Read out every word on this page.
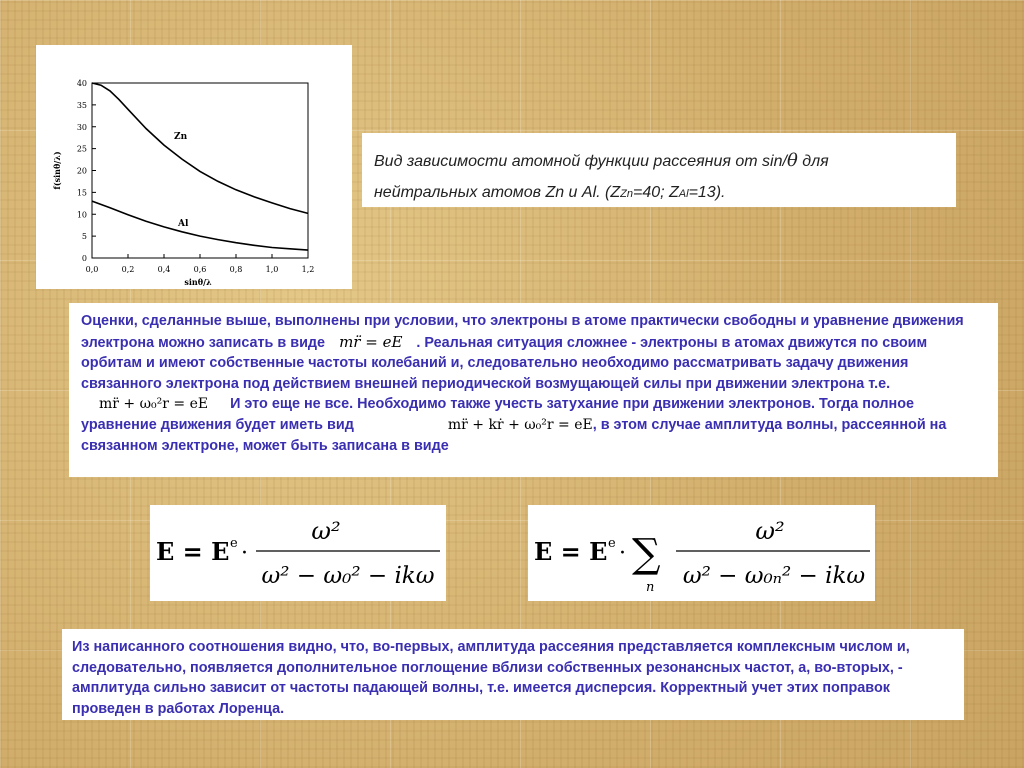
0,0	0,2	0,4	0,6	0,8	1,0	1,2
0
5
10
15
20
25
30
35
40
sinθ/λ
f(sinθ/λ)
Zn
Al
Вид зависимости атомной функции рассеяния от sin/θ для
нейтральных атомов Zn и Al. (ZZn=40; ZAl=13).
Оценки, сделанные выше, выполнены при условии, что электроны в атоме практически свободны и уравнение движения электрона можно записать в виде mr̈ = eE . Реальная ситуация сложнее - электроны в атомах движутся по своим орбитам и имеют собственные частоты колебаний и, следовательно необходимо рассматривать задачу движения связанного электрона под действием внешней периодической возмущающей силы при движении электрона т.е. mr̈ + ω₀²r = eE И это еще не все. Необходимо также учесть затухание при движении электронов. Тогда полное уравнение движения будет иметь вид	mr̈ + kṙ + ω₀²r = eE, в этом случае амплитуда волны, рассеянной на связанном электроне, может быть записана в виде
E = E e ·
ω²
ω² − ω₀² − ikω
E = E e · ∑
n
ω²
ω² − ω₀ₙ² − ikω
Из написанного соотношения видно, что, во-первых, амплитуда рассеяния представляется комплексным числом и, следовательно, появляется дополнительное поглощение вблизи собственных резонансных частот, а, во-вторых, - амплитуда сильно зависит от частоты падающей волны, т.е. имеется дисперсия. Корректный учет этих поправок проведен в работах Лоренца.
